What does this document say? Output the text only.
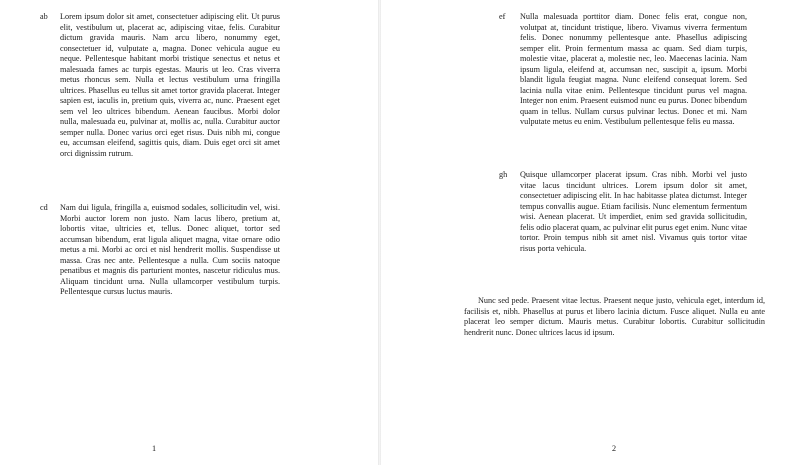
ab Lorem ipsum dolor sit amet, consectetuer adipiscing elit. Ut purus elit, vestibulum ut, placerat ac, adipiscing vitae, felis. Curabitur dictum gravida mauris. Nam arcu libero, nonummy eget, consectetuer id, vulputate a, magna. Donec vehicula augue eu neque. Pellentesque habitant morbi tristique senectus et netus et malesuada fames ac turpis egestas. Mauris ut leo. Cras viverra metus rhoncus sem. Nulla et lectus vestibulum urna fringilla ultrices. Phasellus eu tellus sit amet tortor gravida placerat. Integer sapien est, iaculis in, pretium quis, viverra ac, nunc. Praesent eget sem vel leo ultrices bibendum. Aenean faucibus. Morbi dolor nulla, malesuada eu, pulvinar at, mollis ac, nulla. Curabitur auctor semper nulla. Donec varius orci eget risus. Duis nibh mi, congue eu, accumsan eleifend, sagittis quis, diam. Duis eget orci sit amet orci dignissim rutrum.
cd Nam dui ligula, fringilla a, euismod sodales, sollicitudin vel, wisi. Morbi auctor lorem non justo. Nam lacus libero, pretium at, lobortis vitae, ultricies et, tellus. Donec aliquet, tortor sed accumsan bibendum, erat ligula aliquet magna, vitae ornare odio metus a mi. Morbi ac orci et nisl hendrerit mollis. Suspendisse ut massa. Cras nec ante. Pellentesque a nulla. Cum sociis natoque penatibus et magnis dis parturient montes, nascetur ridiculus mus. Aliquam tincidunt urna. Nulla ullamcorper vestibulum turpis. Pellentesque cursus luctus mauris.
1
ef Nulla malesuada porttitor diam. Donec felis erat, congue non, volutpat at, tincidunt tristique, libero. Vivamus viverra fermentum felis. Donec nonummy pellentesque ante. Phasellus adipiscing semper elit. Proin fermentum massa ac quam. Sed diam turpis, molestie vitae, placerat a, molestie nec, leo. Maecenas lacinia. Nam ipsum ligula, eleifend at, accumsan nec, suscipit a, ipsum. Morbi blandit ligula feugiat magna. Nunc eleifend consequat lorem. Sed lacinia nulla vitae enim. Pellentesque tincidunt purus vel magna. Integer non enim. Praesent euismod nunc eu purus. Donec bibendum quam in tellus. Nullam cursus pulvinar lectus. Donec et mi. Nam vulputate metus eu enim. Vestibulum pellentesque felis eu massa.
gh Quisque ullamcorper placerat ipsum. Cras nibh. Morbi vel justo vitae lacus tincidunt ultrices. Lorem ipsum dolor sit amet, consectetuer adipiscing elit. In hac habitasse platea dictumst. Integer tempus convallis augue. Etiam facilisis. Nunc elementum fermentum wisi. Aenean placerat. Ut imperdiet, enim sed gravida sollicitudin, felis odio placerat quam, ac pulvinar elit purus eget enim. Nunc vitae tortor. Proin tempus nibh sit amet nisl. Vivamus quis tortor vitae risus porta vehicula.

Nunc sed pede. Praesent vitae lectus. Praesent neque justo, vehicula eget, interdum id, facilisis et, nibh. Phasellus at purus et libero lacinia dictum. Fusce aliquet. Nulla eu ante placerat leo semper dictum. Mauris metus. Curabitur lobortis. Curabitur sollicitudin hendrerit nunc. Donec ultrices lacus id ipsum.

2
